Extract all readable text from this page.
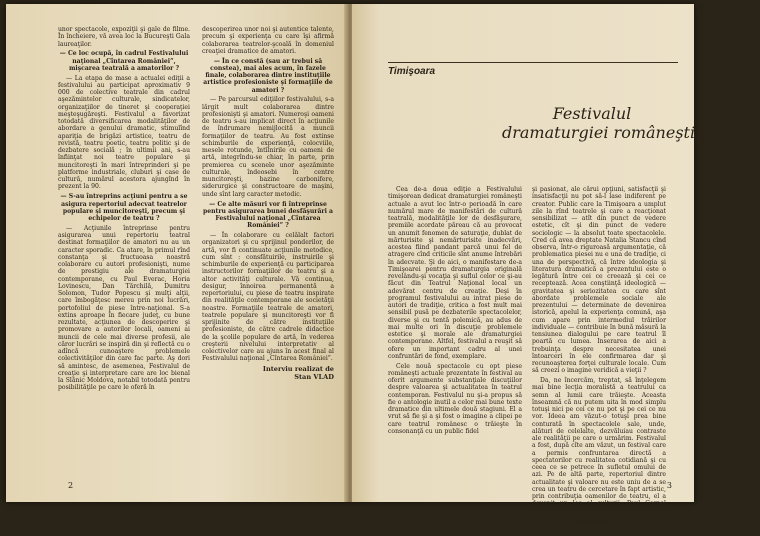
unor spectacole, expoziţii şi gale de filme. În încheiere, vă avea loc la Bucureşti Gala laureaţilor.

— Ce loc ocupă, în cadrul Festivalului naţional „Cîntarea României”, mişcarea teatrală a amatorilor ?

— La etapa de mase a actualei ediţii a festivalului au participat aproximativ 9 000 de colective teatrale din cadrul aşezămintelor culturale, sindicatelor, organizaţiilor de tineret şi cooperaţiei meşteşugăreşti. Festivalul a favorizat totodată diversificarea modalităţilor de abordare a genului dramatic, stimulînd apariţia de brigăzi artistice, teatru de revistă, teatru poetic, teatru politic şi de dezbatere socială ; în ultimii ani, s-au înfiinţat noi teatre populare şi muncitoreşti în mari întreprinderi şi pe platforme industriale, cluburi şi case de cultură, numărul acestora ajungînd în prezent la 90.

— S-au întreprins acţiuni pentru a se asigura repertoriul adecvat teatrelor populare şi muncitoreşti, precum şi echipelor de teatru ?

— Acţiunile întreprinse pentru asigurarea unui repertoriu teatral destinat formaţiilor de amatori nu au un caracter sporadic. Ca atare, în primul rînd constanţa şi fructuoasa noastră colaborare cu autori profesionişti, nume de prestigiu ale dramaturgiei contemporane, cu Paul Everac, Horia Lovinescu, Dan Tărchilă, Dumitru Solomon, Tudor Popescu şi mulţi alţii, care îmbogăţesc mereu prin noi lucrări, portofoliul de piese între-naţional. S-a extins aproape în fiecare judeţ, cu bune rezultate, acţiunea de descoperire şi promovare a autorilor locali, oameni ai muncii de cele mai diverse profesii, ale căror lucrări se inspiră din şi reflectă cu o adîncă cunoaştere problemele colectivităţilor din care fac parte. Aş dori să amintesc, de asemenea, Festivalul de creaţie şi interpretare care are loc bienal la Slănic Moldova, notabil totodată pentru posibilităţile pe care le oferă în

descoperirea unor noi şi autentice talente, precum şi experienţa cu care îşi afirmă colaborarea teatrelor-şcoală în domeniul creaţiei dramatice de amatori.

— În ce constă (sau ar trebui să constea), mai ales acum, în fazele finale, colaborarea dintre instituţiile artistice profesioniste şi formaţiile de amatori ?

— Pe parcursul ediţiilor festivalului, s-a lărgit mult colaborarea dintre profesionişti şi amatori. Numeroşi oameni de teatru s-au implicat direct în acţiunile de îndrumare nemijlocită a muncii formaţiilor de teatru. Au fost extinse schimburile de experienţă, colocviile, mesele rotunde, întîlnirile cu oameni de artă, integrîndu-se chiar, în parte, prin premierea cu scenele unor aşezăminte culturale, îndeosebi în centre muncitoreşti, bazine carbonifere, siderurgice şi constructoare de maşini, unde sînt larg caracter metodic.

— Ce alte măsuri vor fi întreprinse pentru asigurarea bunei desfăşurări a Festivalului naţional „Cîntarea României” ?

— În colaborare cu celălalt factori organizatori şi cu sprijinul ponderilor, de artă, vor fi continuate acţiunile metodice, cum sînt : consfătuirile, instruirile şi schimburile de experienţă cu participarea instructorilor formaţiilor de teatru şi a altor activităţi culturale. Vă continua, desigur, înnoirea permanentă a repertoriului, cu piese de teatru inspirate din realităţile contemporane ale societăţii noastre. Formaţiile teatrale de amatori, teatrele populare şi muncitoreşti vor fi sprijinite de către instituţiile profesioniste, de către cadrele didactice de la şcolile populare de artă, în vederea creşterii nivelului interpretativ al colectivelor care au ajuns în acest final al Festivalului naţional „Cîntarea României”.

Interviu realizat de

Stan VLAD

2
Timişoara
Festivalul
dramaturgiei româneşti actuale

Cea de-a doua ediţie a Festivalului timişorean dedicat dramaturgiei româneşti actuale a avut loc într-o perioadă în care numărul mare de manifestări de cultură teatrală, modalităţile lor de desfăşurare, premiile acordate păreau că au provocat un anumit fenomen de saturaţie, dublat de mărturisite şi nemărturisite inadecvări, acestea fiind pandant parcă unui fel de atragere cînd criticile sînt anume întrebări în adecvate. Şi de aici, o manifestare de-a Timişoarei pentru dramaturgia originală revelându-şi vocaţia şi suflul celor ce şi-au făcut din Teatrul Naţional local un adevărat centru de creaţie. Deşi în programul festivalului au intrat piese de autori de tradiţie, critica a fost mult mai sensibil pusă pe dezbaterile spectacolelor, diverse şi cu tentă polemică, au adus de mai multe ori în discuţie problemele estetice şi morale ale dramaturgiei contemporane. Altfel, festivalul a reuşit să ofere un important cadru al unei confruntări de fond, exemplare.

Cele nouă spectacole cu opt piese româneşti actuale prezentate în festival au oferit argumente substanţiale discuţiilor despre valoarea şi actualitatea în teatrul contemporan. Festivalul nu şi-a propus să fie o antologie inutil a celor mai bune texte dramatice din ultimele două stagiuni. El a vrut să fie şi a şi fost o imagine a clipei pe care teatrul românesc o trăieşte în consonanţă cu un public fidel

şi pasionat, ale cărui opţiuni, satisfacţii şi insatisfacţii nu pot să-l lase indiferent pe creator. Public care la Timişoara a umplut zile la rînd teatrele şi care a reacţionat sensibilizat — atît din punct de vedere estetic, cît şi din punct de vedere sociologic — la absolut toate spectacolele. Cred că avea dreptate Natalia Stancu cînd observa, într-o riguroasă argumentaţie, că problematica piesei nu e una de tradiţie, ci una de perspectivă, că între ideologia şi literatura dramatică a prezentului este o legătură între cei ce creează şi cei ce receptează. Acea conştiinţă ideologică — gravitatea şi seriozitatea cu care sînt abordate problemele sociale ale prezentului — determinate de devenirea istorică, apelul la experienţa comună, aşa cum apare prin intermediul trăirilor individuale — contribuie în bună măsură la tensiunea dialogului pe care teatrul îl poartă cu lumea. Inserarea de aici a trebuinţa despre necesitatea unei întoarceri în ele confirmarea dar şi recunoaşterea forţei culturale locale. Cum să creezi o imagine veridică a vieţii ?

Da, ne încercăm, treptat, să înţelegem mai bine lecţia moralistă a teatrului ca semn al lumii care trăieşte. Aceasta înseamnă că nu putem uita în mod simplu totuşi nici pe cei ce nu pot şi pe cei ce nu vor. Ideea am văzut-o totuşi prea bine conturată în spectacolele sale, unde, alături de celelalte, dezvăluiau contraste ale realităţii pe care o urmărim. Festivalul a fost, după cîte am văzut, un festival care a permis confruntarea directă a spectatorilor cu realitatea cotidiană şi cu ceea ce se petrece în sufletul omului de azi. Pe de altă parte, repertoriul dintre actualitate şi valoare nu este uniu de a se crea un teatru de cercetare în fapt artistic, prin contribuţia oamenilor de teatru, el a devenit un loc al culturii. Paul Cornel Chitic, Victor Parhon, Şt.

Magdalena BOIANGIU

(Continuare în p. 37)

3
